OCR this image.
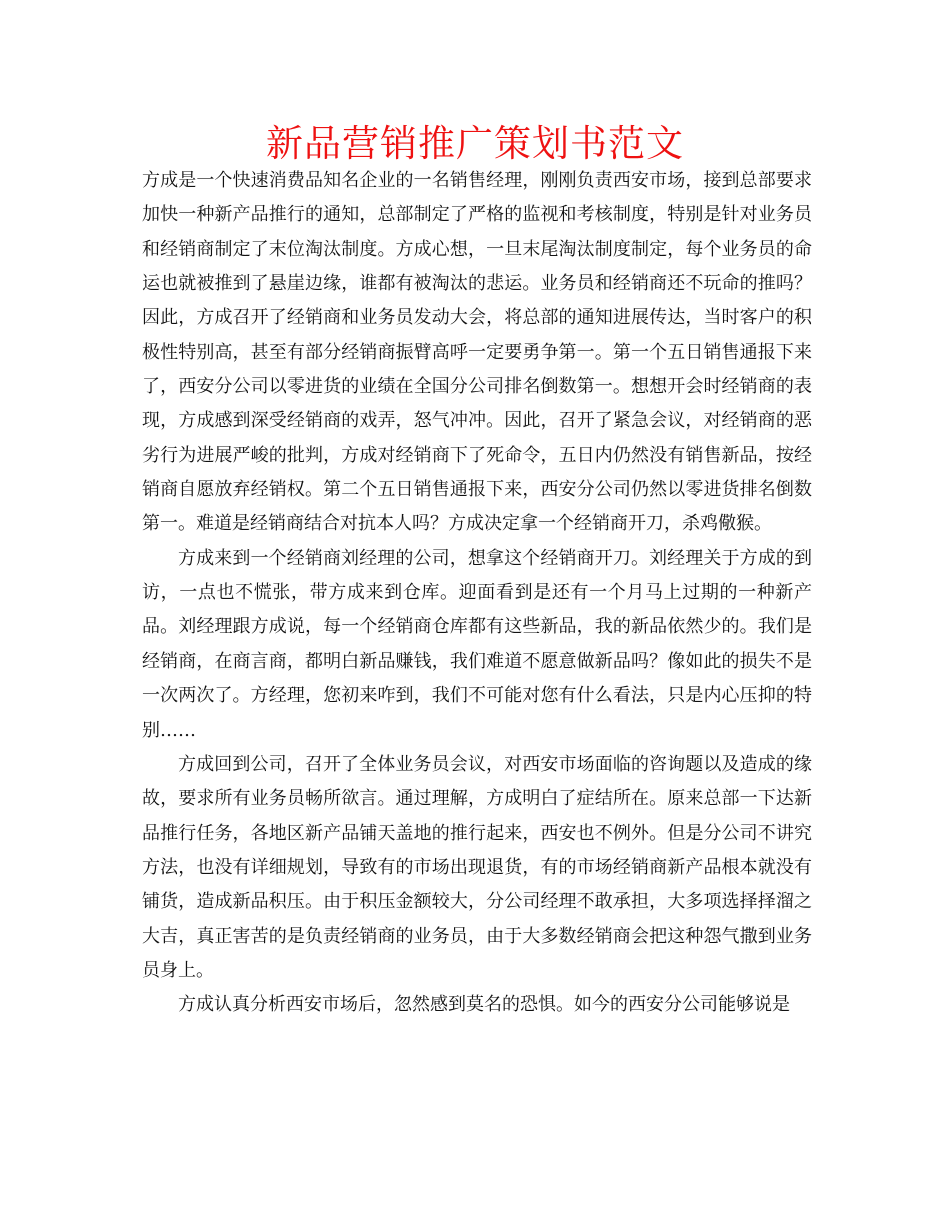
新品营销推广策划书范文

方成是一个快速消费品知名企业的一名销售经理，刚刚负责西安市场，接到总部要求加快一种新产品推行的通知，总部制定了严格的监视和考核制度，特别是针对业务员和经销商制定了末位淘汰制度。方成心想，一旦末尾淘汰制度制定，每个业务员的命运也就被推到了悬崖边缘，谁都有被淘汰的悲运。业务员和经销商还不玩命的推吗？因此，方成召开了经销商和业务员发动大会，将总部的通知进展传达，当时客户的积极性特别高，甚至有部分经销商振臂高呼一定要勇争第一。第一个五日销售通报下来了，西安分公司以零进货的业绩在全国分公司排名倒数第一。想想开会时经销商的表现，方成感到深受经销商的戏弄，怒气冲冲。因此，召开了紧急会议，对经销商的恶劣行为进展严峻的批判，方成对经销商下了死命令，五日内仍然没有销售新品，按经销商自愿放弃经销权。第二个五日销售通报下来，西安分公司仍然以零进货排名倒数第一。难道是经销商结合对抗本人吗？方成决定拿一个经销商开刀，杀鸡儆猴。

方成来到一个经销商刘经理的公司，想拿这个经销商开刀。刘经理关于方成的到访，一点也不慌张，带方成来到仓库。迎面看到是还有一个月马上过期的一种新产品。刘经理跟方成说，每一个经销商仓库都有这些新品，我的新品依然少的。我们是经销商，在商言商，都明白新品赚钱，我们难道不愿意做新品吗？像如此的损失不是一次两次了。方经理，您初来咋到，我们不可能对您有什么看法，只是内心压抑的特别……

方成回到公司，召开了全体业务员会议，对西安市场面临的咨询题以及造成的缘故，要求所有业务员畅所欲言。通过理解，方成明白了症结所在。原来总部一下达新品推行任务，各地区新产品铺天盖地的推行起来，西安也不例外。但是分公司不讲究方法，也没有详细规划，导致有的市场出现退货，有的市场经销商新产品根本就没有铺货，造成新品积压。由于积压金额较大，分公司经理不敢承担，大多项选择择溜之大吉，真正害苦的是负责经销商的业务员，由于大多数经销商会把这种怨气撒到业务员身上。

方成认真分析西安市场后，忽然感到莫名的恐惧。如今的西安分公司能够说是
